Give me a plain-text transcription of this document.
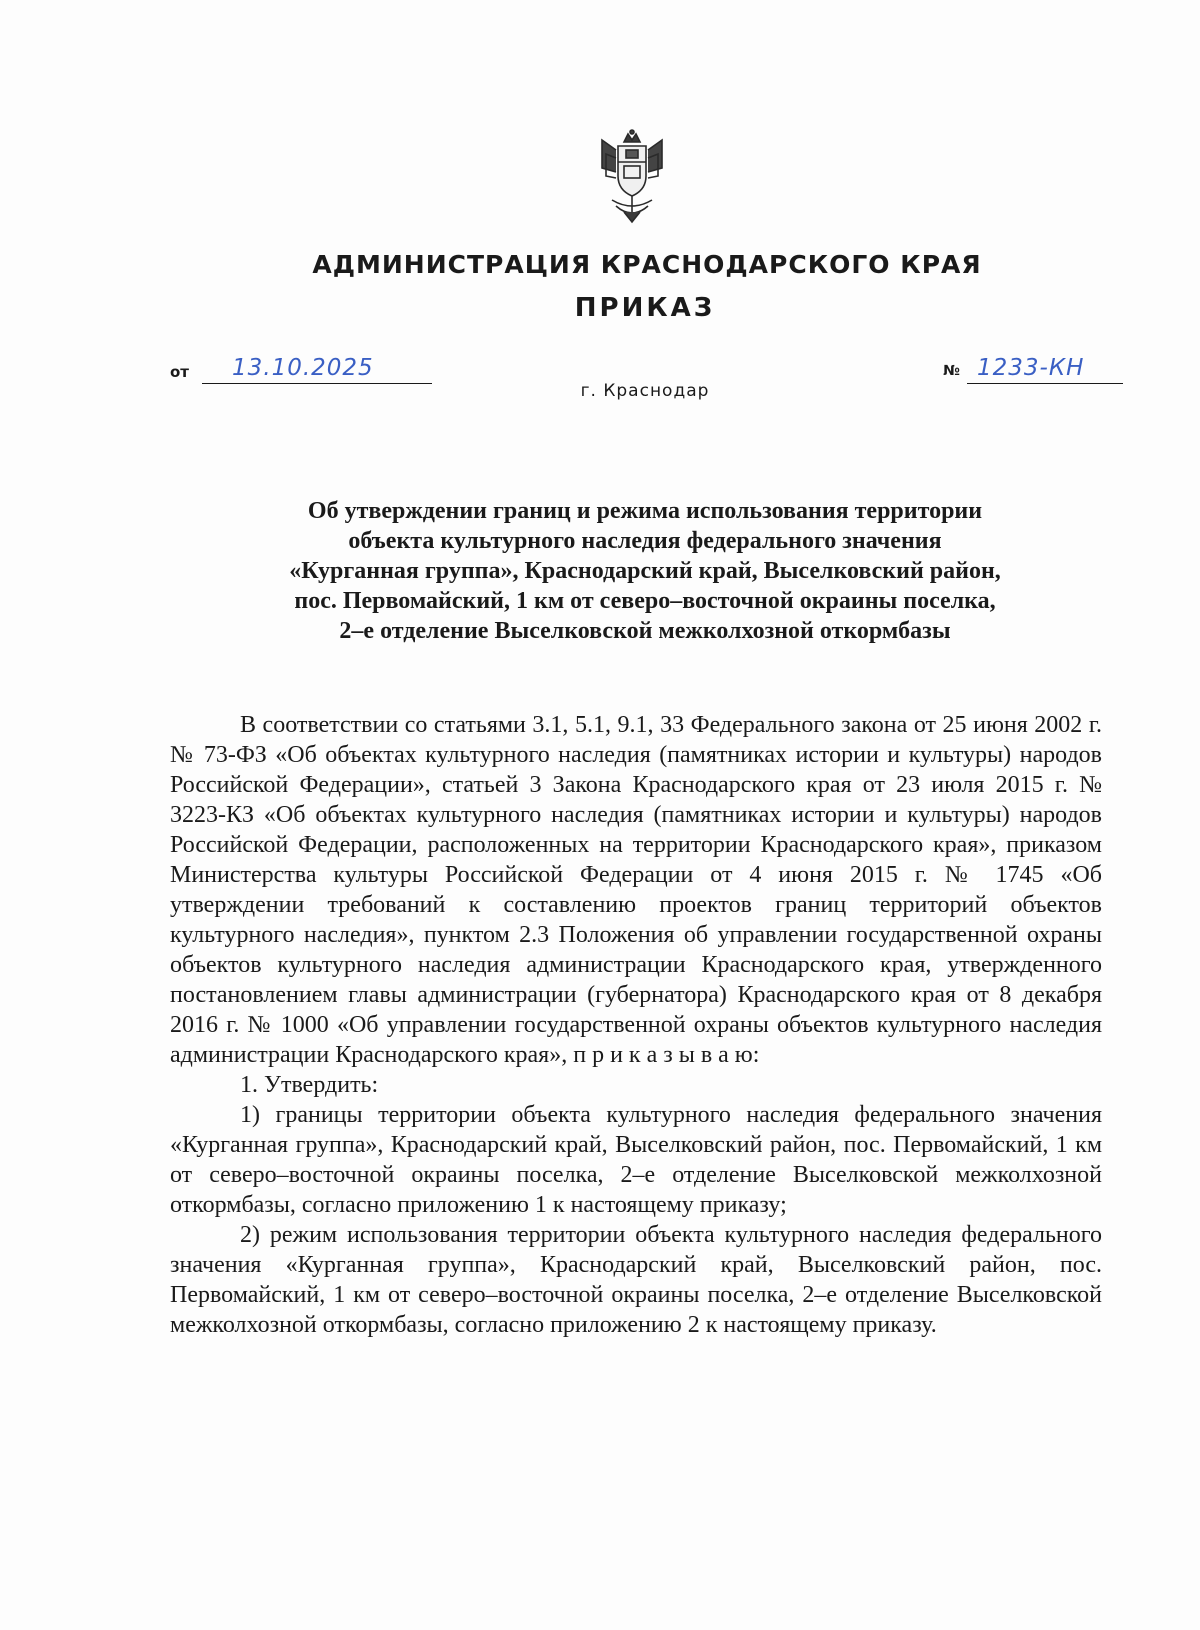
АДМИНИСТРАЦИЯ КРАСНОДАРСКОГО КРАЯ
ПРИКАЗ
от	13.10.2025	№ 1233-КН

г. Краснодар

Об утверждении границ и режима использования территории
объекта культурного наследия федерального значения
«Курганная группа», Краснодарский край, Выселковский район,
пос. Первомайский, 1 км от северо–восточной окраины поселка,
2–е отделение Выселковской межколхозной откормбазы

В соответствии со статьями 3.1, 5.1, 9.1, 33 Федерального закона от 25 июня 2002 г. № 73-ФЗ «Об объектах культурного наследия (памятниках истории и культуры) народов Российской Федерации», статьей 3 Закона Краснодарского края от 23 июля 2015 г. № 3223-КЗ «Об объектах культурного наследия (памятниках истории и культуры) народов Российской Федерации, расположенных на территории Краснодарского края», приказом Министерства культуры Российской Федерации от 4 июня 2015 г. № 1745 «Об утверждении требований к составлению проектов границ территорий объектов культурного наследия», пунктом 2.3 Положения об управлении государственной охраны объектов культурного наследия администрации Краснодарского края, утвержденного постановлением главы администрации (губернатора) Краснодарского края от 8 декабря 2016 г. № 1000 «Об управлении государственной охраны объектов культурного наследия администрации Краснодарского края», п р и к а з ы в а ю:

1. Утвердить:

1) границы территории объекта культурного наследия федерального значения «Курганная группа», Краснодарский край, Выселковский район, пос. Первомайский, 1 км от северо–восточной окраины поселка, 2–е отделение Выселковской межколхозной откормбазы, согласно приложению 1 к настоящему приказу;

2) режим использования территории объекта культурного наследия федерального значения «Курганная группа», Краснодарский край, Выселковский район, пос. Первомайский, 1 км от северо–восточной окраины поселка, 2–е отделение Выселковской межколхозной откормбазы, согласно приложению 2 к настоящему приказу.
